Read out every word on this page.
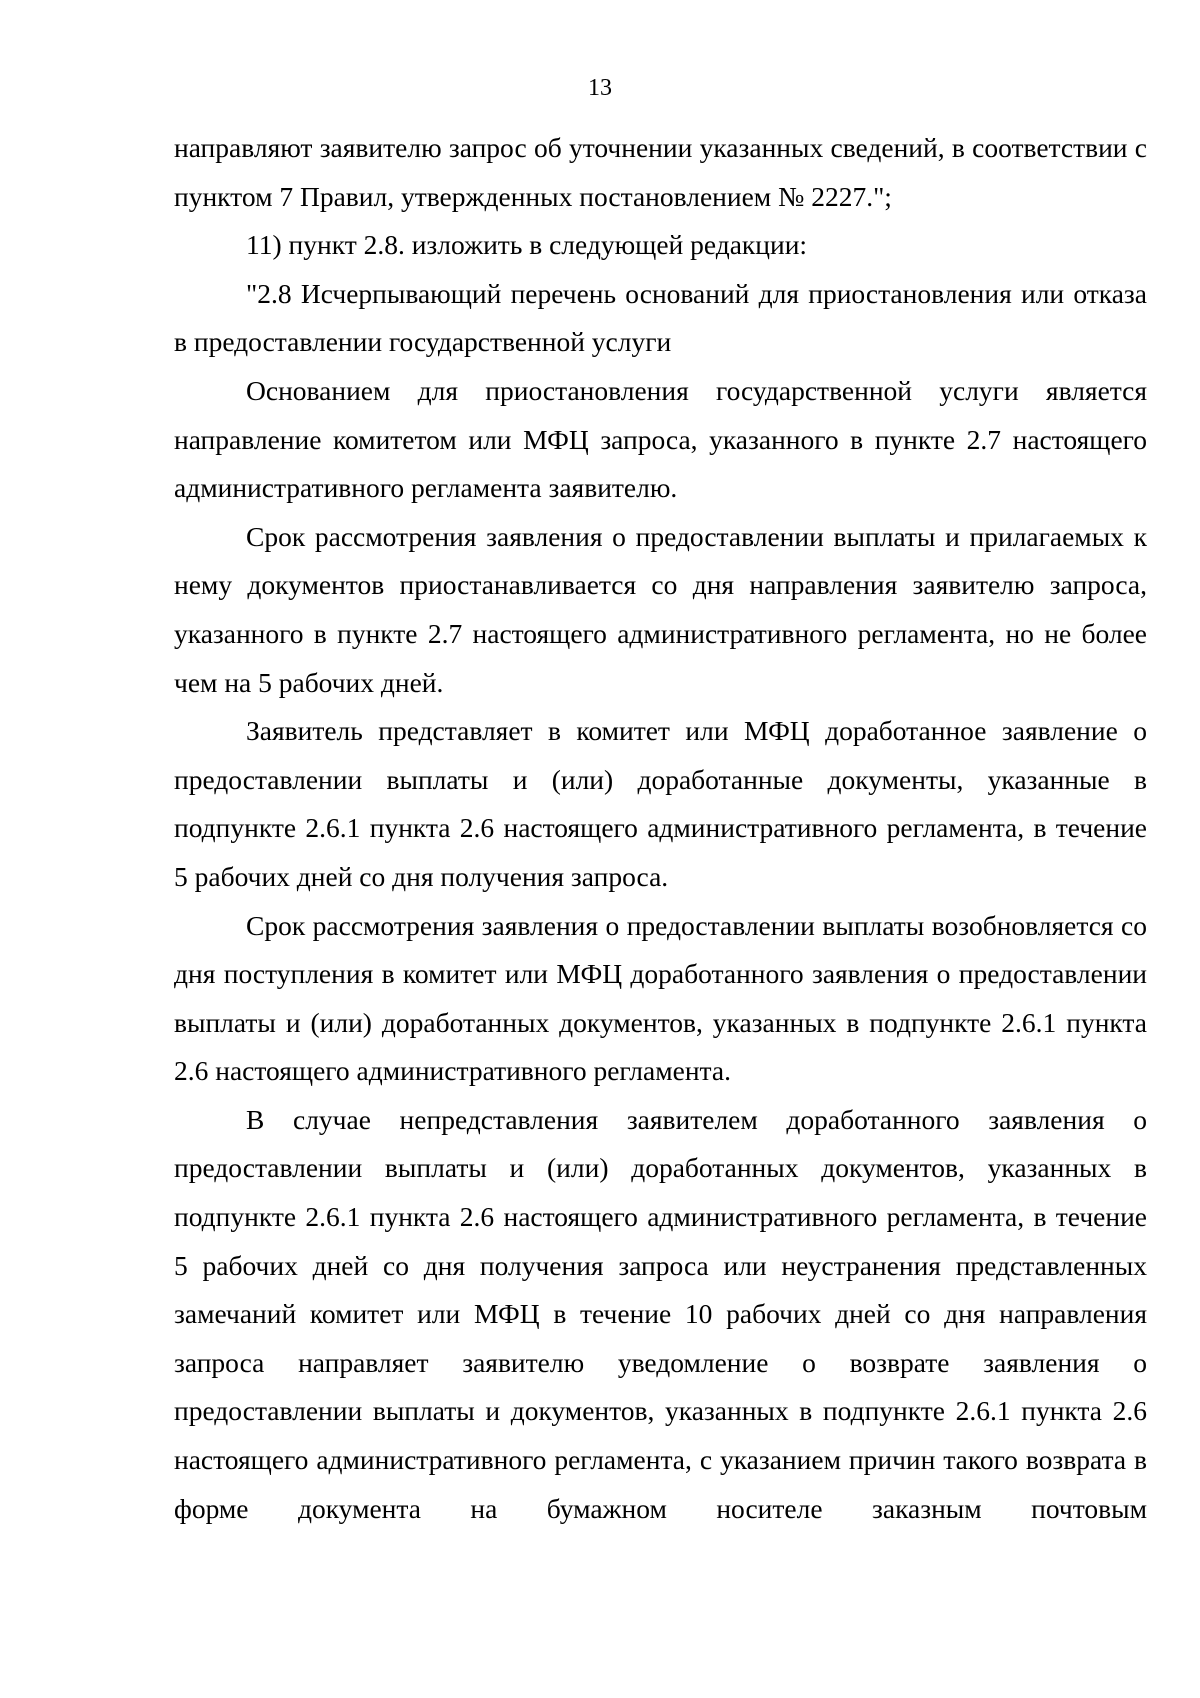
13

направляют заявителю запрос об уточнении указанных сведений, в соответствии с пунктом 7 Правил, утвержденных постановлением № 2227.";

11) пункт 2.8. изложить в следующей редакции:

"2.8 Исчерпывающий перечень оснований для приостановления или отказа в предоставлении государственной услуги

Основанием для приостановления государственной услуги является направление комитетом или МФЦ запроса, указанного в пункте 2.7 настоящего административного регламента заявителю.

Срок рассмотрения заявления о предоставлении выплаты и прилагаемых к нему документов приостанавливается со дня направления заявителю запроса, указанного в пункте 2.7 настоящего административного регламента, но не более чем на 5 рабочих дней.

Заявитель представляет в комитет или МФЦ доработанное заявление о предоставлении выплаты и (или) доработанные документы, указанные в подпункте 2.6.1 пункта 2.6 настоящего административного регламента, в течение 5 рабочих дней со дня получения запроса.

Срок рассмотрения заявления о предоставлении выплаты возобновляется со дня поступления в комитет или МФЦ доработанного заявления о предоставлении выплаты и (или) доработанных документов, указанных в подпункте 2.6.1 пункта 2.6 настоящего административного регламента.

В случае непредставления заявителем доработанного заявления о предоставлении выплаты и (или) доработанных документов, указанных в подпункте 2.6.1 пункта 2.6 настоящего административного регламента, в течение 5 рабочих дней со дня получения запроса или неустранения представленных замечаний комитет или МФЦ в течение 10 рабочих дней со дня направления запроса направляет заявителю уведомление о возврате заявления о предоставлении выплаты и документов, указанных в подпункте 2.6.1 пункта 2.6 настоящего административного регламента, с указанием причин такого возврата в форме документа на бумажном носителе заказным почтовым
